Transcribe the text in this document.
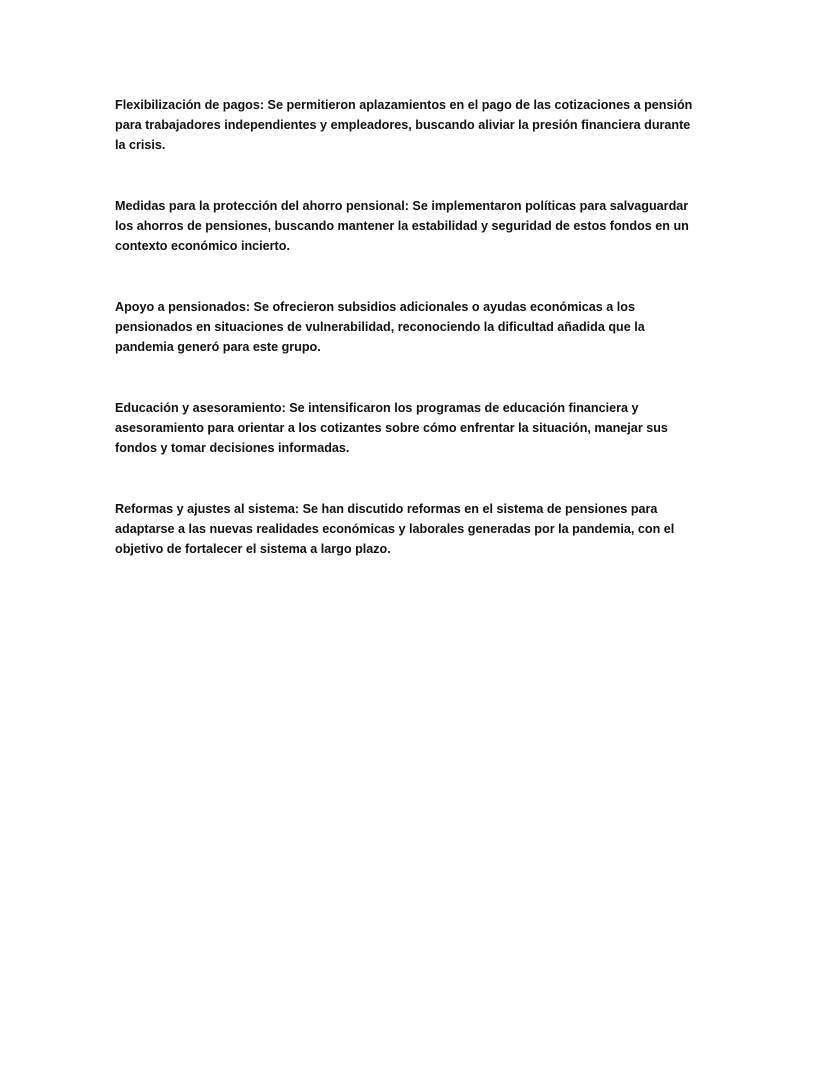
Flexibilización de pagos: Se permitieron aplazamientos en el pago de las cotizaciones a pensión
para trabajadores independientes y empleadores, buscando aliviar la presión financiera durante
la crisis.

Medidas para la protección del ahorro pensional: Se implementaron políticas para salvaguardar
los ahorros de pensiones, buscando mantener la estabilidad y seguridad de estos fondos en un
contexto económico incierto.

Apoyo a pensionados: Se ofrecieron subsidios adicionales o ayudas económicas a los
pensionados en situaciones de vulnerabilidad, reconociendo la dificultad añadida que la
pandemia generó para este grupo.

Educación y asesoramiento: Se intensificaron los programas de educación financiera y
asesoramiento para orientar a los cotizantes sobre cómo enfrentar la situación, manejar sus
fondos y tomar decisiones informadas.

Reformas y ajustes al sistema: Se han discutido reformas en el sistema de pensiones para
adaptarse a las nuevas realidades económicas y laborales generadas por la pandemia, con el
objetivo de fortalecer el sistema a largo plazo.
